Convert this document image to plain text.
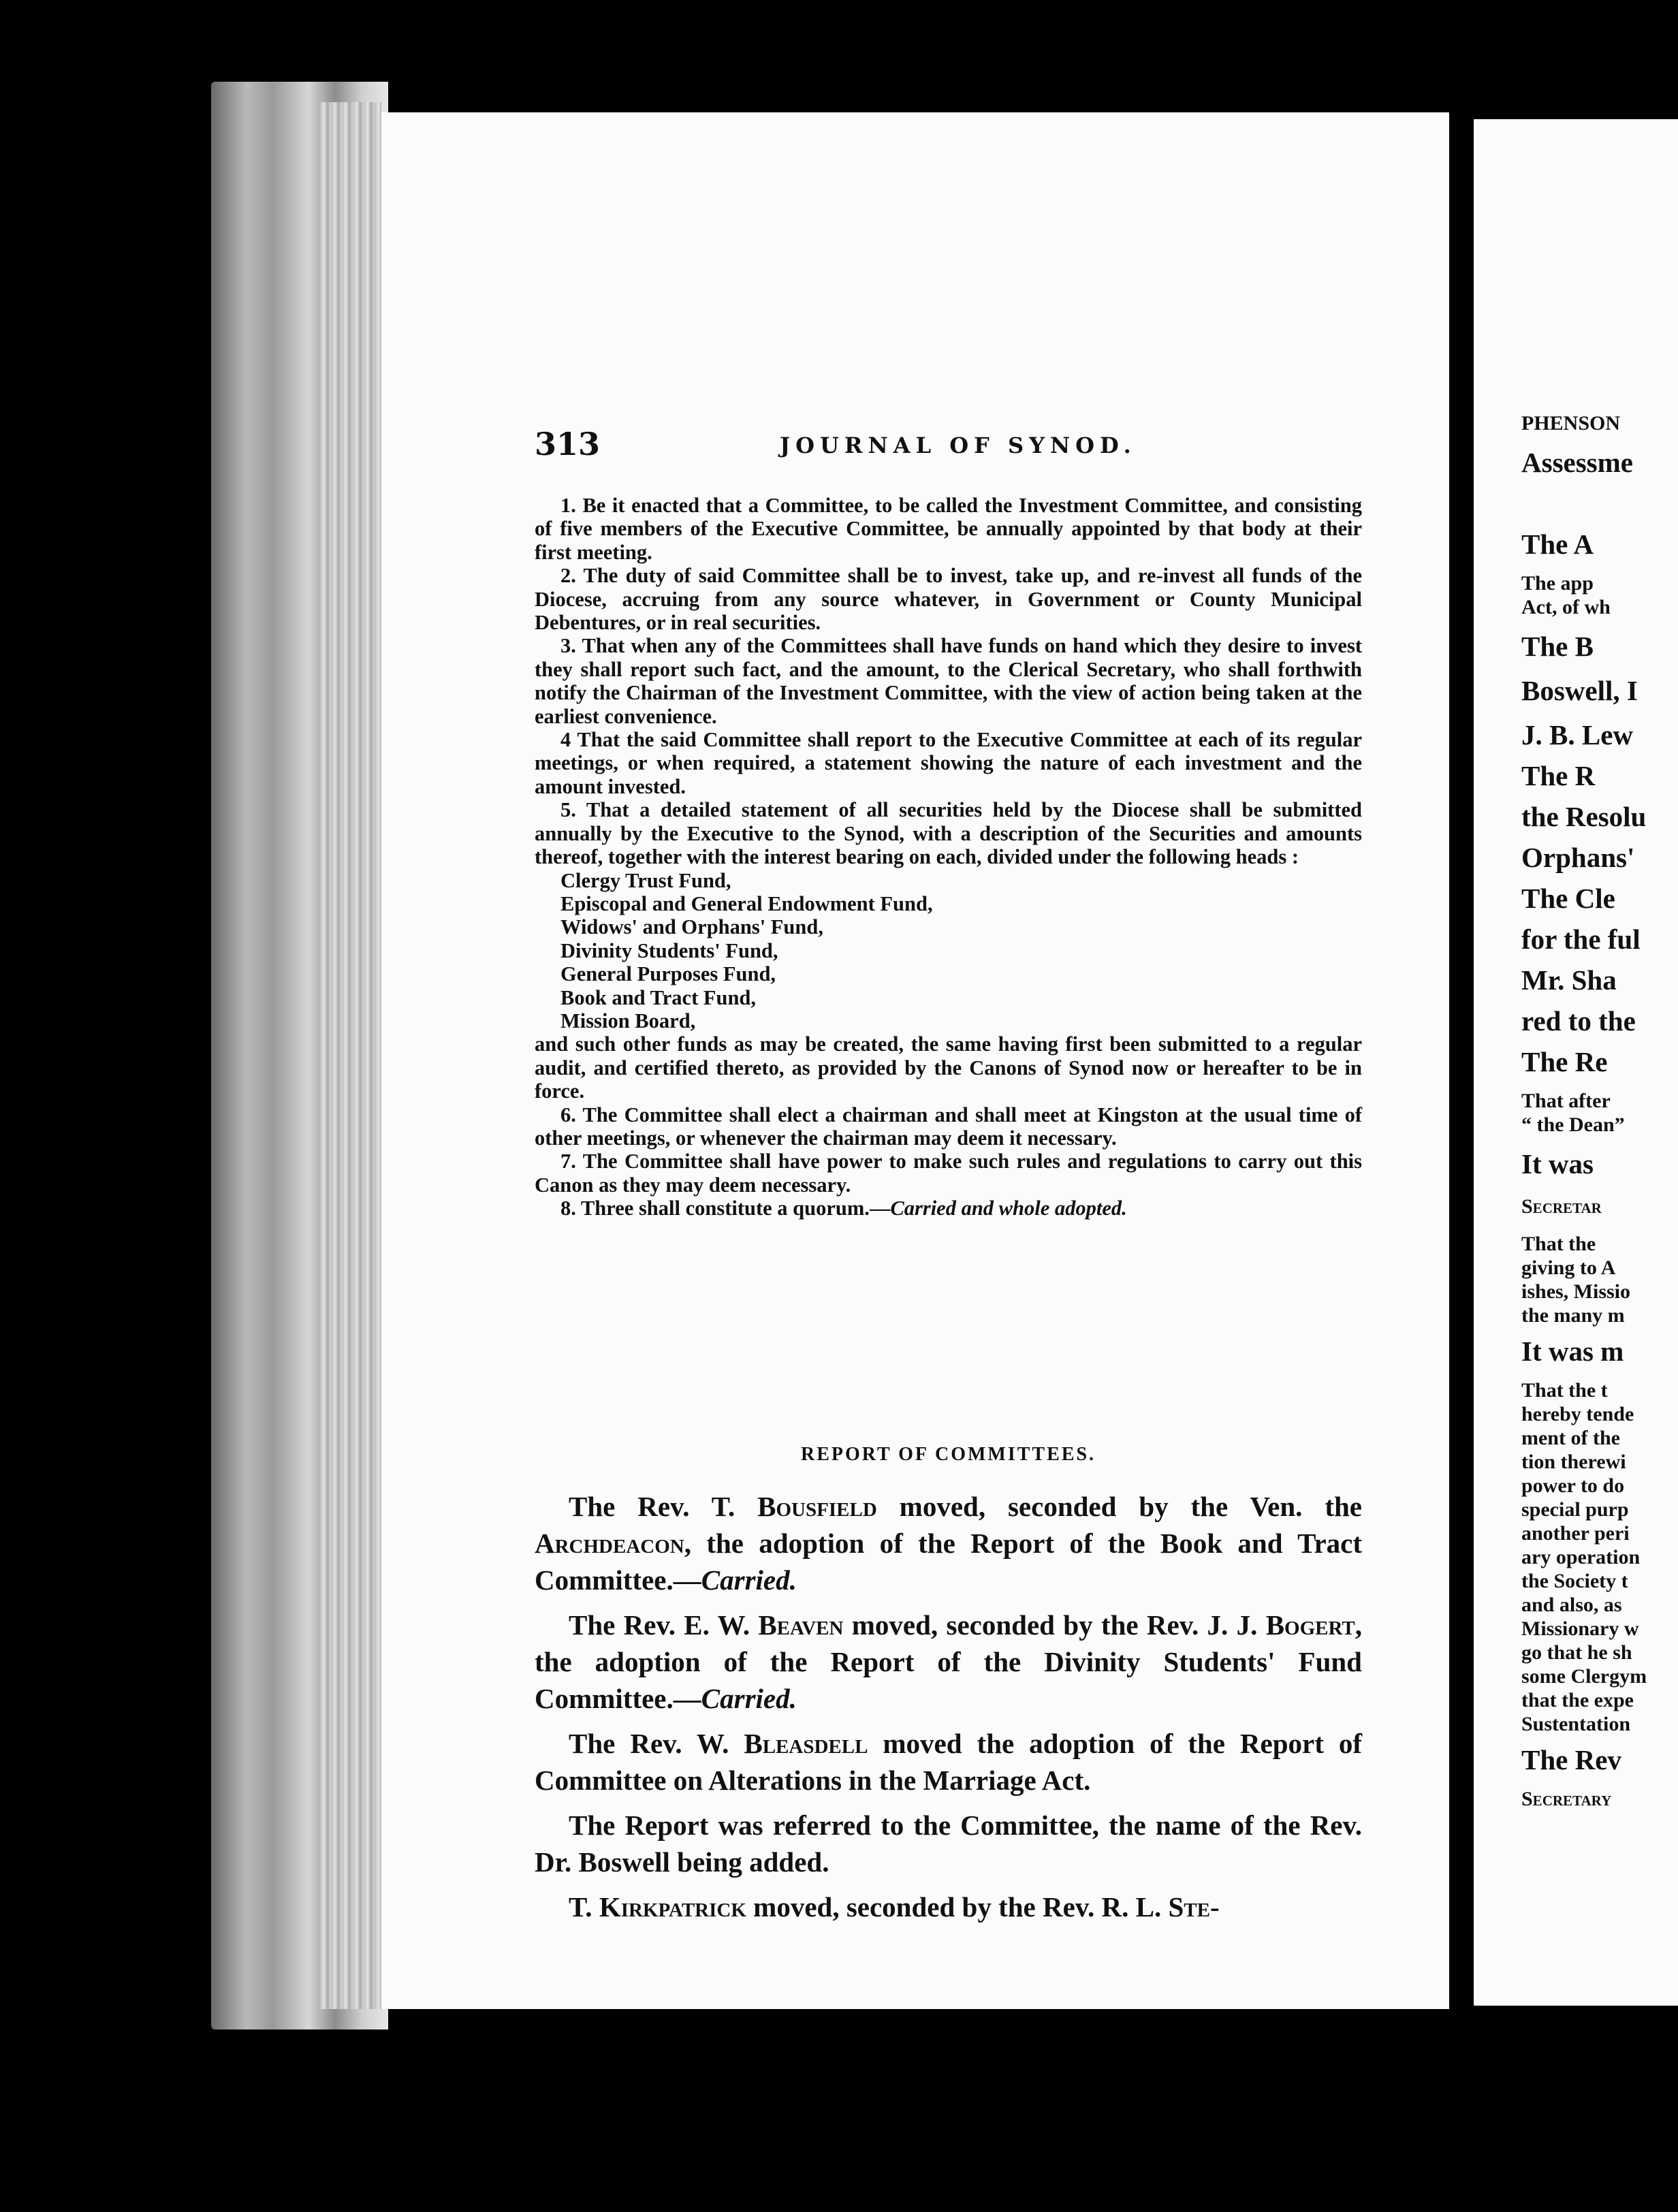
313	JOURNAL OF SYNOD.

1. Be it enacted that a Committee, to be called the Investment Committee, and consisting of five members of the Executive Committee, be annually appointed by that body at their first meeting.

2. The duty of said Committee shall be to invest, take up, and re-invest all funds of the Diocese, accruing from any source whatever, in Government or County Municipal Debentures, or in real securities.

3. That when any of the Committees shall have funds on hand which they desire to invest they shall report such fact, and the amount, to the Clerical Secretary, who shall forthwith notify the Chairman of the Investment Committee, with the view of action being taken at the earliest convenience.

4 That the said Committee shall report to the Executive Committee at each of its regular meetings, or when required, a statement showing the nature of each investment and the amount invested.

5. That a detailed statement of all securities held by the Diocese shall be submitted annually by the Executive to the Synod, with a description of the Securities and amounts thereof, together with the interest bearing on each, divided under the following heads :

Clergy Trust Fund,
Episcopal and General Endowment Fund,
Widows' and Orphans' Fund,
Divinity Students' Fund,
General Purposes Fund,
Book and Tract Fund,
Mission Board,

and such other funds as may be created, the same having first been submitted to a regular audit, and certified thereto, as provided by the Canons of Synod now or hereafter to be in force.

6. The Committee shall elect a chairman and shall meet at Kingston at the usual time of other meetings, or whenever the chairman may deem it necessary.

7. The Committee shall have power to make such rules and regulations to carry out this Canon as they may deem necessary.

8. Three shall constitute a quorum.—Carried and whole adopted.

REPORT OF COMMITTEES.

The Rev. T. Bousfield moved, seconded by the Ven. the Archdeacon, the adoption of the Report of the Book and Tract Committee.—Carried.

The Rev. E. W. Beaven moved, seconded by the Rev. J. J. Bogert, the adoption of the Report of the Divinity Students' Fund Committee.—Carried.

The Rev. W. Bleasdell moved the adoption of the Report of Committee on Alterations in the Marriage Act.

The Report was referred to the Committee, the name of the Rev. Dr. Boswell being added.

T. Kirkpatrick moved, seconded by the Rev. R. L. Ste-

PHENSON
Assessme
The A
The app
Act, of wh
The B
Boswell, I
J. B. Lew
The R
the Resolu
Orphans'
The Cle
for the ful
Mr. Sha
red to the
The Re
That after
“ the Dean”
It was
Secretar
That the
giving to A
ishes, Missio
the many m
It was m
That the t
hereby tende
ment of the
tion therewi
power to do
special purp
another peri
ary operation
the Society t
and also, as
Missionary w
go that he sh
some Clergym
that the expe
Sustentation
The Rev
Secretary
